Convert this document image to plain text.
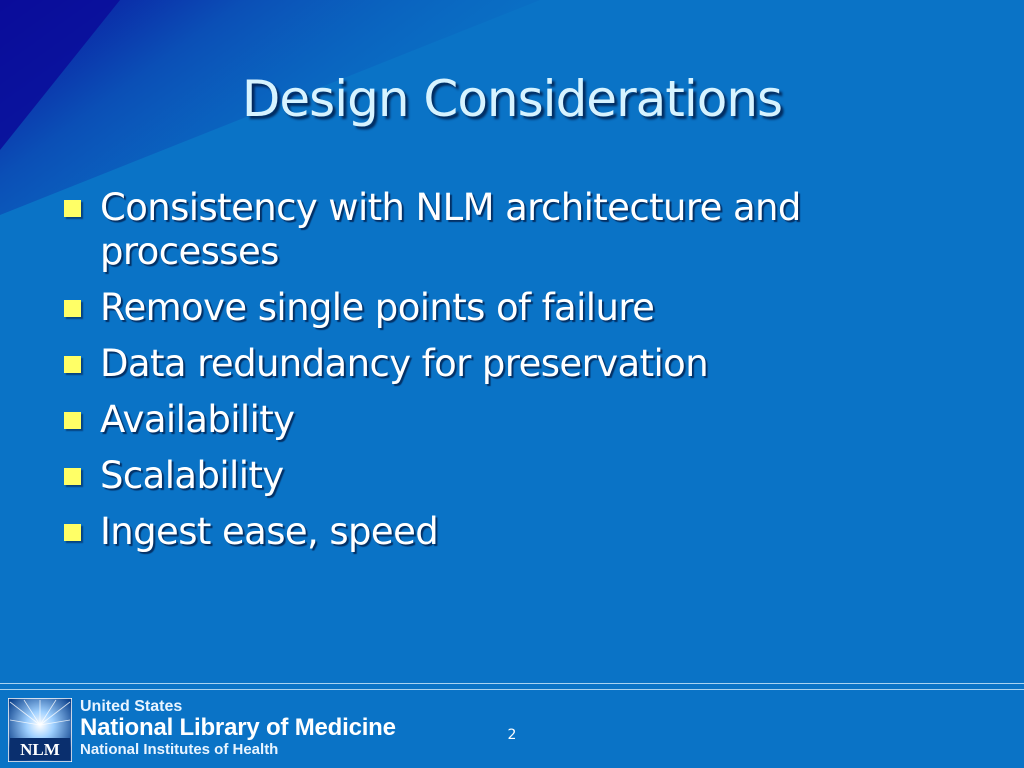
Design Considerations
Consistency with NLM architecture and processes
Remove single points of failure
Data redundancy for preservation
Availability
Scalability
Ingest ease, speed
NLM
United States
National Library of Medicine
National Institutes of Health
2
